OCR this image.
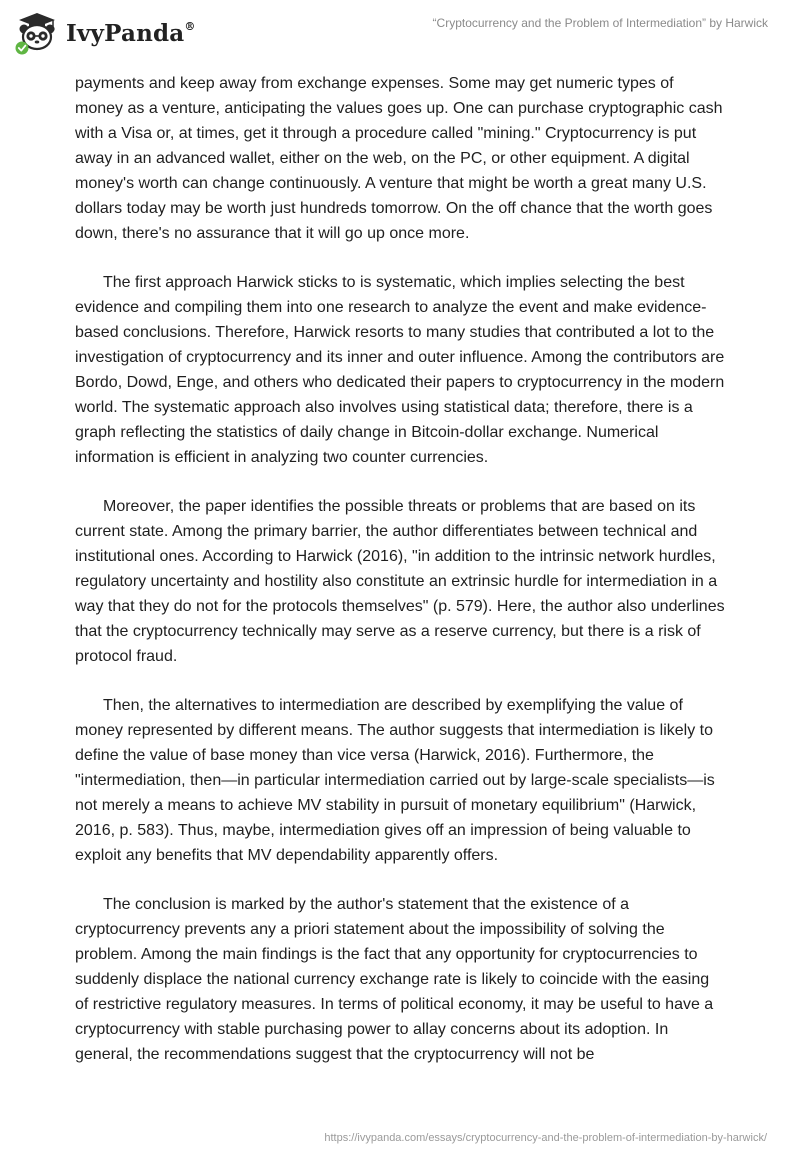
IvyPanda®	“Cryptocurrency and the Problem of Intermediation” by Harwick

payments and keep away from exchange expenses. Some may get numeric types of money as a venture, anticipating the values goes up. One can purchase cryptographic cash with a Visa or, at times, get it through a procedure called "mining." Cryptocurrency is put away in an advanced wallet, either on the web, on the PC, or other equipment. A digital money's worth can change continuously. A venture that might be worth a great many U.S. dollars today may be worth just hundreds tomorrow. On the off chance that the worth goes down, there's no assurance that it will go up once more.

The first approach Harwick sticks to is systematic, which implies selecting the best evidence and compiling them into one research to analyze the event and make evidence-based conclusions. Therefore, Harwick resorts to many studies that contributed a lot to the investigation of cryptocurrency and its inner and outer influence. Among the contributors are Bordo, Dowd, Enge, and others who dedicated their papers to cryptocurrency in the modern world. The systematic approach also involves using statistical data; therefore, there is a graph reflecting the statistics of daily change in Bitcoin-dollar exchange. Numerical information is efficient in analyzing two counter currencies.

Moreover, the paper identifies the possible threats or problems that are based on its current state. Among the primary barrier, the author differentiates between technical and institutional ones. According to Harwick (2016), "in addition to the intrinsic network hurdles, regulatory uncertainty and hostility also constitute an extrinsic hurdle for intermediation in a way that they do not for the protocols themselves" (p. 579). Here, the author also underlines that the cryptocurrency technically may serve as a reserve currency, but there is a risk of protocol fraud.

Then, the alternatives to intermediation are described by exemplifying the value of money represented by different means. The author suggests that intermediation is likely to define the value of base money than vice versa (Harwick, 2016). Furthermore, the "intermediation, then—in particular intermediation carried out by large-scale specialists—is not merely a means to achieve MV stability in pursuit of monetary equilibrium" (Harwick, 2016, p. 583). Thus, maybe, intermediation gives off an impression of being valuable to exploit any benefits that MV dependability apparently offers.

The conclusion is marked by the author's statement that the existence of a cryptocurrency prevents any a priori statement about the impossibility of solving the problem. Among the main findings is the fact that any opportunity for cryptocurrencies to suddenly displace the national currency exchange rate is likely to coincide with the easing of restrictive regulatory measures. In terms of political economy, it may be useful to have a cryptocurrency with stable purchasing power to allay concerns about its adoption. In general, the recommendations suggest that the cryptocurrency will not be

https://ivypanda.com/essays/cryptocurrency-and-the-problem-of-intermediation-by-harwick/
